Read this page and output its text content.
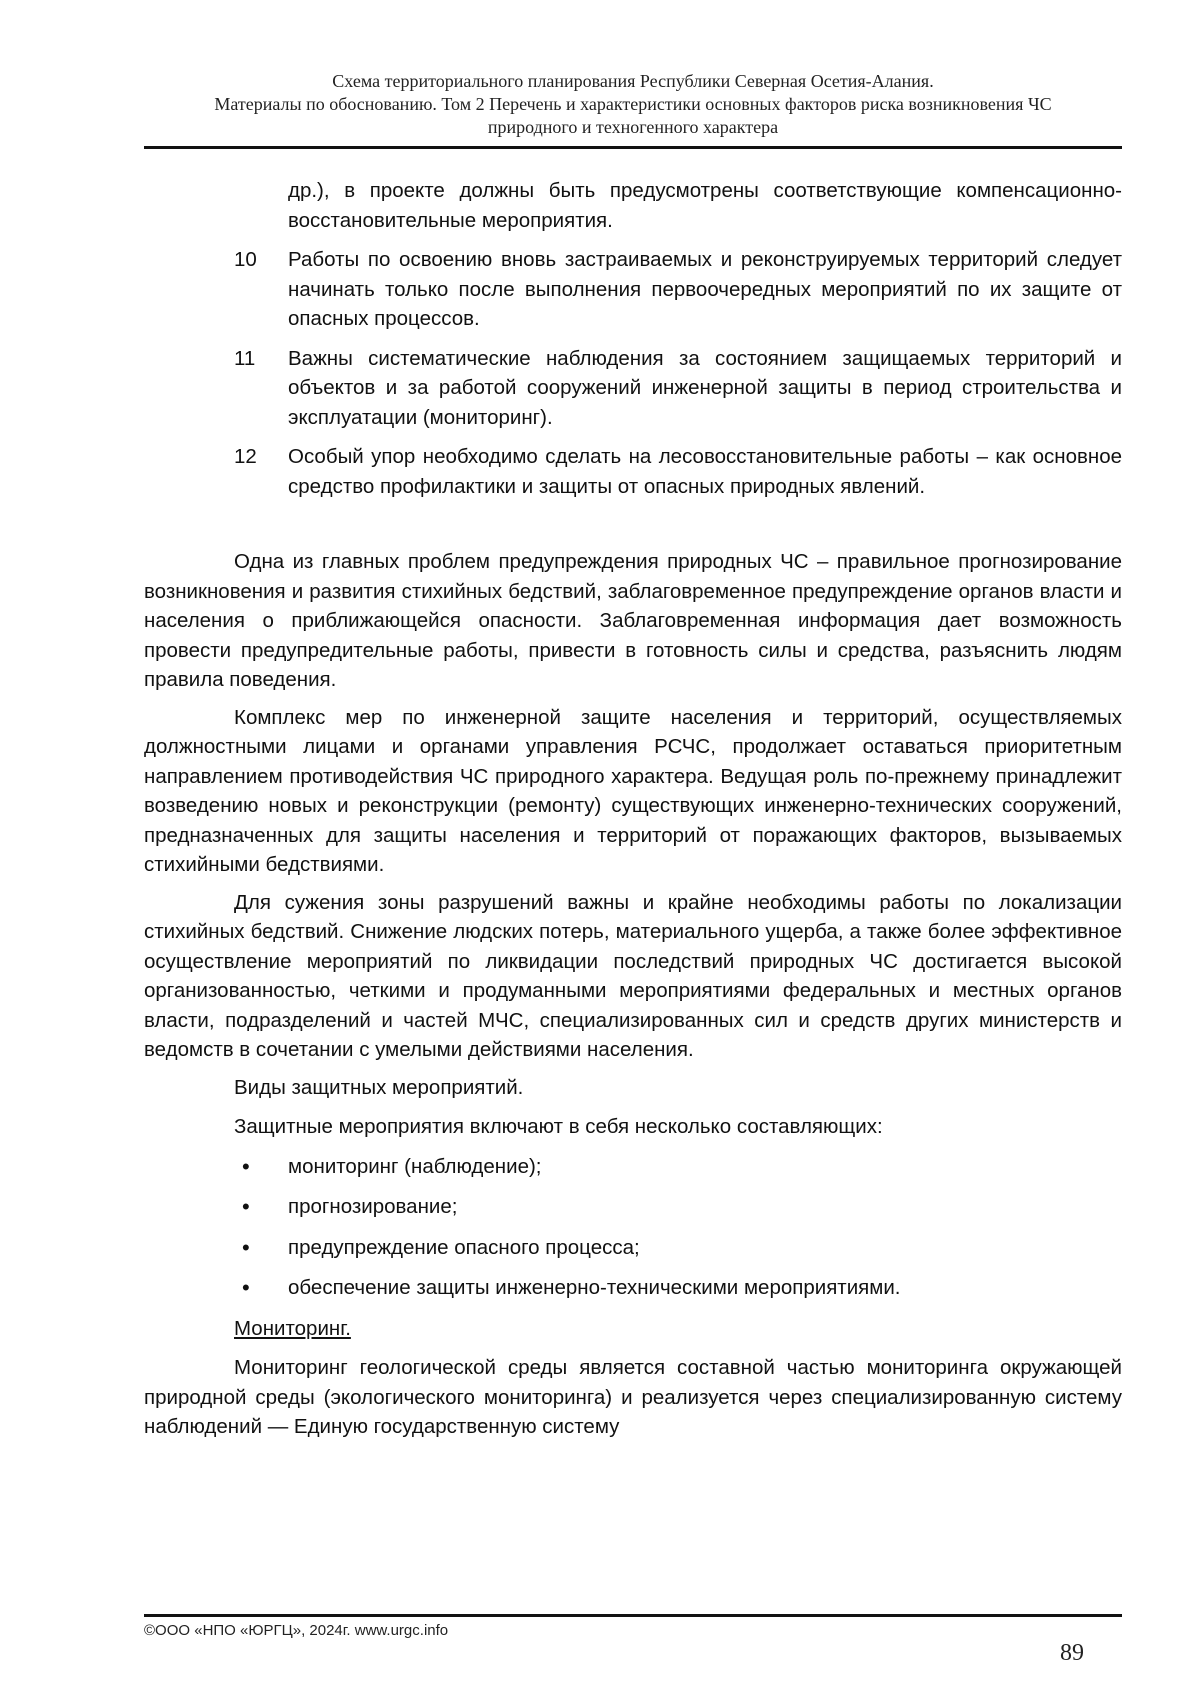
Схема территориального планирования Республики Северная Осетия-Алания.
Материалы по обоснованию. Том 2 Перечень и характеристики основных факторов риска возникновения ЧС
природного и техногенного характера
др.), в проекте должны быть предусмотрены соответствующие компенсационно-восстановительные мероприятия.
10	Работы по освоению вновь застраиваемых и реконструируемых территорий следует начинать только после выполнения первоочередных мероприятий по их защите от опасных процессов.
11	Важны систематические наблюдения за состоянием защищаемых территорий и объектов и за работой сооружений инженерной защиты в период строительства и эксплуатации (мониторинг).
12	Особый упор необходимо сделать на лесовосстановительные работы – как основное средство профилактики и защиты от опасных природных явлений.

Одна из главных проблем предупреждения природных ЧС – правильное прогнозирование возникновения и развития стихийных бедствий, заблаговременное предупреждение органов власти и населения о приближающейся опасности. Заблаговременная информация дает возможность провести предупредительные работы, привести в готовность силы и средства, разъяснить людям правила поведения.

Комплекс мер по инженерной защите населения и территорий, осуществляемых должностными лицами и органами управления РСЧС, продолжает оставаться приоритетным направлением противодействия ЧС природного характера. Ведущая роль по-прежнему принадлежит возведению новых и реконструкции (ремонту) существующих инженерно-технических сооружений, предназначенных для защиты населения и территорий от поражающих факторов, вызываемых стихийными бедствиями.

Для сужения зоны разрушений важны и крайне необходимы работы по локализации стихийных бедствий. Снижение людских потерь, материального ущерба, а также более эффективное осуществление мероприятий по ликвидации последствий природных ЧС достигается высокой организованностью, четкими и продуманными мероприятиями федеральных и местных органов власти, подразделений и частей МЧС, специализированных сил и средств других министерств и ведомств в сочетании с умелыми действиями населения.

Виды защитных мероприятий.

Защитные мероприятия включают в себя несколько составляющих:

•	мониторинг (наблюдение);
•	прогнозирование;
•	предупреждение опасного процесса;
•	обеспечение защиты инженерно-техническими мероприятиями.

Мониторинг.

Мониторинг геологической среды является составной частью мониторинга окружающей природной среды (экологического мониторинга) и реализуется через специализированную систему наблюдений — Единую государственную систему

©ООО «НПО «ЮРГЦ», 2024г. www.urgc.info
89
